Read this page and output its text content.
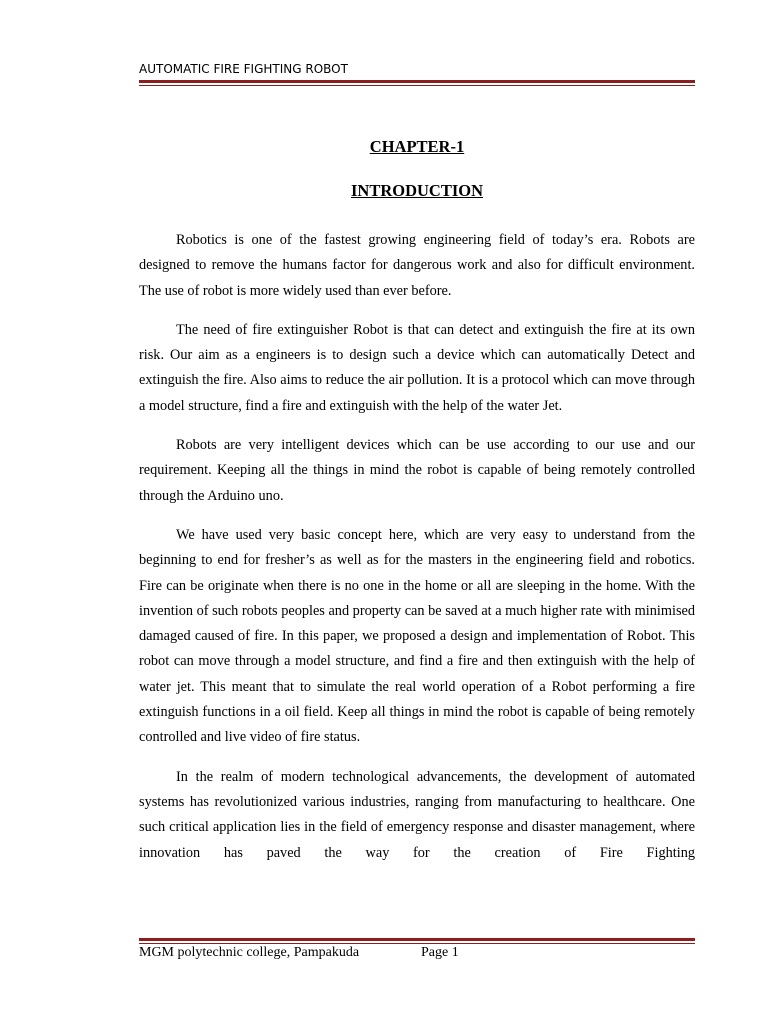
AUTOMATIC FIRE FIGHTING ROBOT
CHAPTER-1
INTRODUCTION

Robotics is one of the fastest growing engineering field of today’s era. Robots are designed to remove the humans factor for dangerous work and also for difficult environment. The use of robot is more widely used than ever before.

The need of fire extinguisher Robot is that can detect and extinguish the fire at its own risk. Our aim as a engineers is to design such a device which can automatically Detect and extinguish the fire. Also aims to reduce the air pollution. It is a protocol which can move through a model structure, find a fire and extinguish with the help of the water Jet.

Robots are very intelligent devices which can be use according to our use and our requirement. Keeping all the things in mind the robot is capable of being remotely controlled through the Arduino uno.

We have used very basic concept here, which are very easy to understand from the beginning to end for fresher’s as well as for the masters in the engineering field and robotics. Fire can be originate when there is no one in the home or all are sleeping in the home. With the invention of such robots peoples and property can be saved at a much higher rate with minimised damaged caused of fire. In this paper, we proposed a design and implementation of Robot. This robot can move through a model structure, and find a fire and then extinguish with the help of water jet. This meant that to simulate the real world operation of a Robot performing a fire extinguish functions in a oil field. Keep all things in mind the robot is capable of being remotely controlled and live video of fire status.

In the realm of modern technological advancements, the development of automated systems has revolutionized various industries, ranging from manufacturing to healthcare. One such critical application lies in the field of emergency response and disaster management, where innovation has paved the way for the creation of Fire Fighting

MGM polytechnic college, Pampakuda	Page 1
